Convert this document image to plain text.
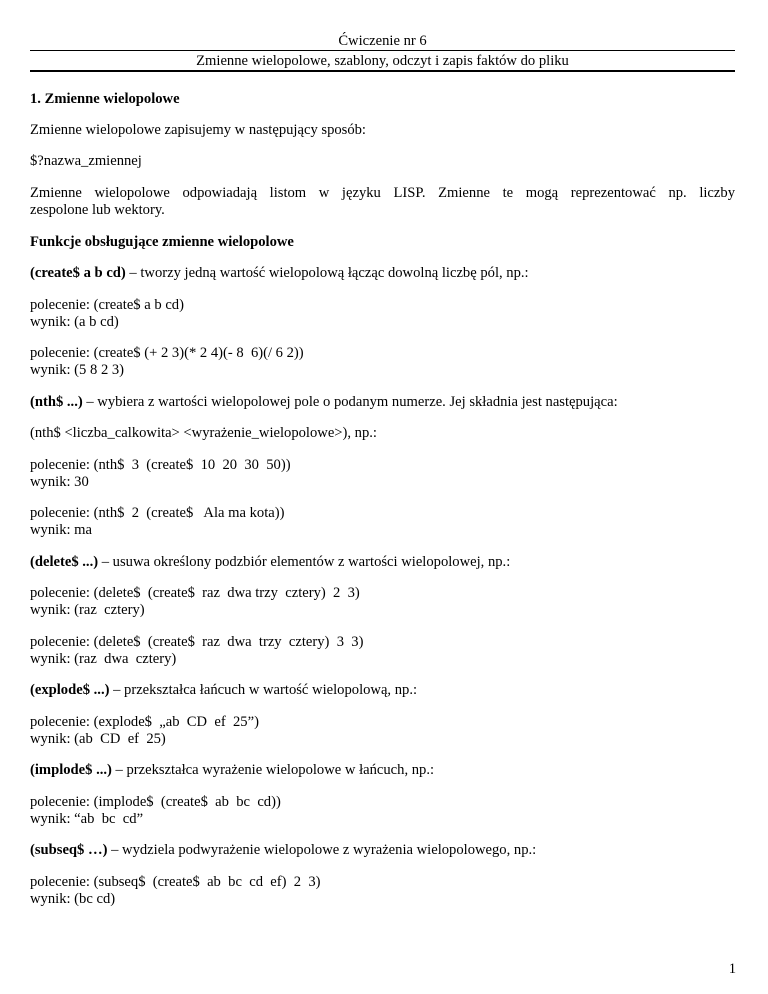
Ćwiczenie nr 6
Zmienne wielopolowe, szablony, odczyt i zapis faktów do pliku
1. Zmienne wielopolowe
Zmienne wielopolowe zapisujemy w następujący sposób:
$?nazwa_zmiennej
Zmienne wielopolowe odpowiadają listom w języku LISP. Zmienne te mogą reprezentować np. liczby
zespolone lub wektory.
Funkcje obsługujące zmienne wielopolowe
(create$ a b cd) – tworzy jedną wartość wielopolową łącząc dowolną liczbę pól, np.:
polecenie: (create$ a b cd)
wynik: (a b cd)
polecenie: (create$ (+ 2 3)(* 2 4)(- 8  6)(/ 6 2))
wynik: (5 8 2 3)
(nth$ ...) – wybiera z wartości wielopolowej pole o podanym numerze. Jej składnia jest następująca:
(nth$ <liczba_calkowita> <wyrażenie_wielopolowe>), np.:
polecenie: (nth$  3  (create$  10  20  30  50))
wynik: 30
polecenie: (nth$  2  (create$   Ala ma kota))
wynik: ma
(delete$ ...) – usuwa określony podzbiór elementów z wartości wielopolowej, np.:
polecenie: (delete$  (create$  raz  dwa trzy  cztery)  2  3)
wynik: (raz  cztery)
polecenie: (delete$  (create$  raz  dwa  trzy  cztery)  3  3)
wynik: (raz  dwa  cztery)
(explode$ ...) – przekształca łańcuch w wartość wielopolową, np.:
polecenie: (explode$  „ab  CD  ef  25”)
wynik: (ab  CD  ef  25)
(implode$ ...) – przekształca wyrażenie wielopolowe w łańcuch, np.:
polecenie: (implode$  (create$  ab  bc  cd))
wynik: “ab  bc  cd”
(subseq$ …) – wydziela podwyrażenie wielopolowe z wyrażenia wielopolowego, np.:
polecenie: (subseq$  (create$  ab  bc  cd  ef)  2  3)
wynik: (bc cd)
1
